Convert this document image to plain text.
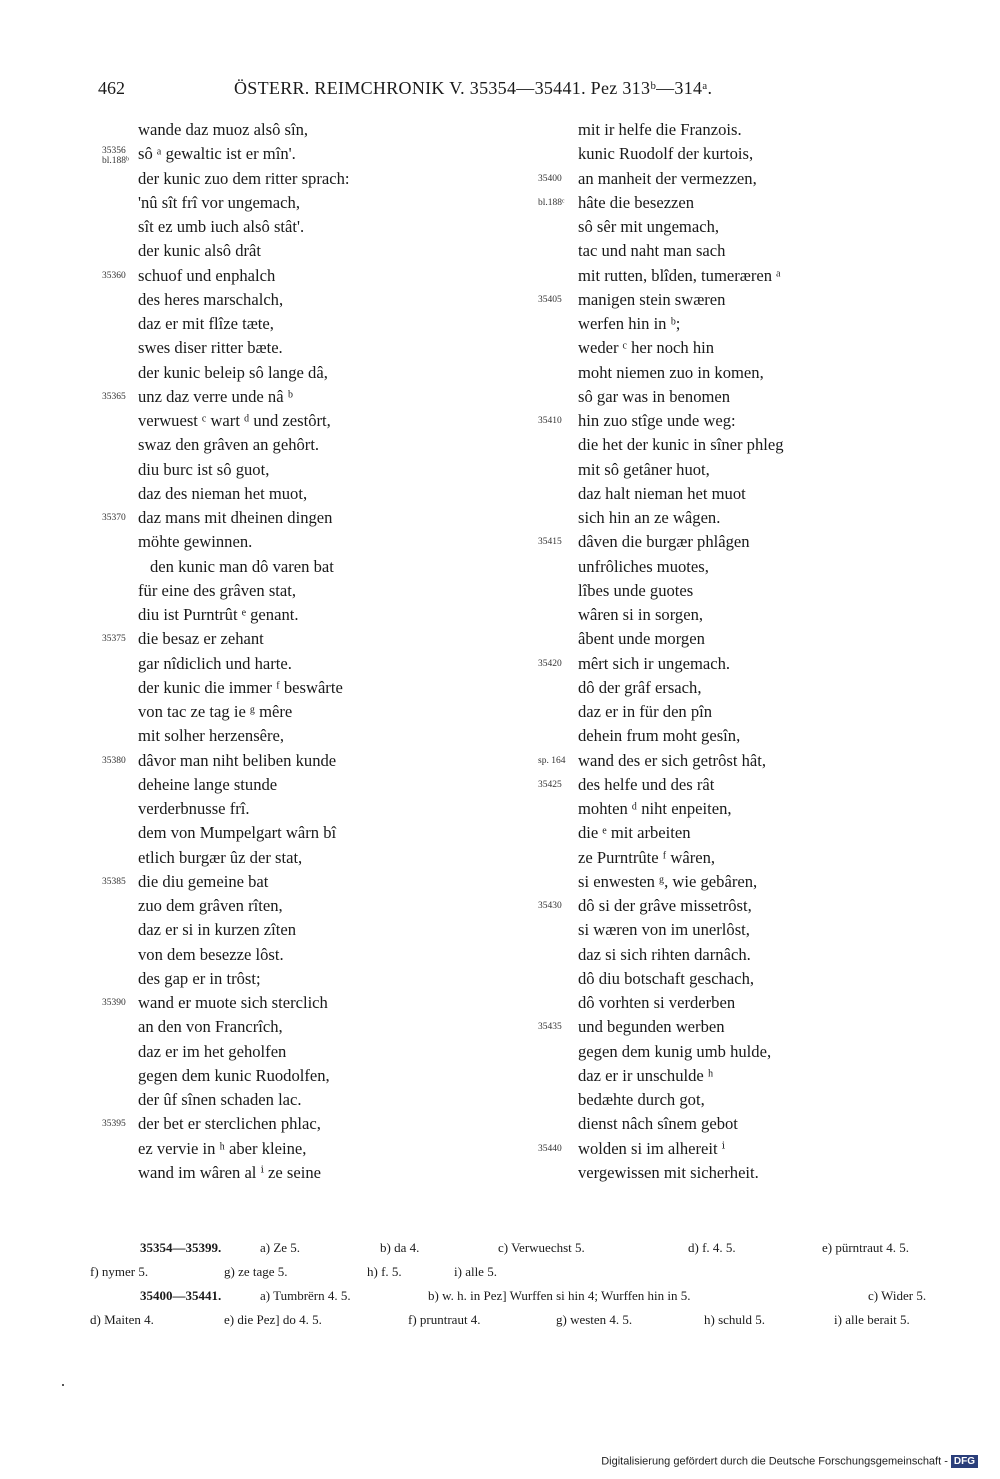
462	ÖSTERR. REIMCHRONIK V. 35354—35441. Pez 313ᵇ—314ᵃ.
wande daz muoz alsô sîn,
35356
bl.188ᵇ sô ᵃ gewaltic ist er mîn'.
der kunic zuo dem ritter sprach:
'nû sît frî vor ungemach,
sît ez umb iuch alsô stât'.
der kunic alsô drât
35360 schuof und enphalch
des heres marschalch,
daz er mit flîze tæte,
swes diser ritter bæte.
der kunic beleip sô lange dâ,
35365 unz daz verre unde nâ ᵇ
verwuest ᶜ wart ᵈ und zestôrt,
swaz den grâven an gehôrt.
diu burc ist sô guot,
daz des nieman het muot,
35370 daz mans mit dheinen dingen
möhte gewinnen.
den kunic man dô varen bat
für eine des grâven stat,
diu ist Purntrût ᵉ genant.
35375 die besaz er zehant
gar nîdiclich und harte.
der kunic die immer ᶠ beswârte
von tac ze tag ie ᵍ mêre
mit solher herzensêre,
35380 dâvor man niht beliben kunde
deheine lange stunde
verderbnusse frî.
dem von Mumpelgart wârn bî
etlich burgær ûz der stat,
35385 die diu gemeine bat
zuo dem grâven rîten,
daz er si in kurzen zîten
von dem besezze lôst.
des gap er in trôst;
35390 wand er muote sich sterclich
an den von Francrîch,
daz er im het geholfen
gegen dem kunic Ruodolfen,
der ûf sînen schaden lac.
35395 der bet er sterclichen phlac,
ez vervie in ʰ aber kleine,
wand im wâren al ⁱ ze seine
mit ir helfe die Franzois.
kunic Ruodolf der kurtois,
35400 an manheit der vermezzen,
bl.188ᶜ hâte die besezzen
sô sêr mit ungemach,
tac und naht man sach
mit rutten, blîden, tumeræren ᵃ
35405 manigen stein swæren
werfen hin in ᵇ;
weder ᶜ her noch hin
moht niemen zuo in komen,
sô gar was in benomen
35410 hin zuo stîge unde weg:
die het der kunic in sîner phleg
mit sô getâner huot,
daz halt nieman het muot
sich hin an ze wâgen.
35415 dâven die burgær phlâgen
unfrôliches muotes,
lîbes unde guotes
wâren si in sorgen,
âbent unde morgen
35420 mêrt sich ir ungemach.
dô der grâf ersach,
daz er in für den pîn
dehein frum moht gesîn,
sp. 164 wand des er sich getrôst hât,
35425 des helfe und des rât
mohten ᵈ niht enpeiten,
die ᵉ mit arbeiten
ze Purntrûte ᶠ wâren,
si enwesten ᵍ, wie gebâren,
35430 dô si der grâve missetrôst,
si wæren von im unerlôst,
daz si sich rihten darnâch.
dô diu botschaft geschach,
dô vorhten si verderben
35435 und begunden werben
gegen dem kunig umb hulde,
daz er ir unschulde ʰ
bedæhte durch got,
dienst nâch sînem gebot
35440 wolden si im alhereit ⁱ
vergewissen mit sicherheit.
35354—35399.	a) Ze 5.	b) da 4.	c) Verwuechst 5.	d) f. 4. 5.	e) pürntraut 4. 5.
f) nymer 5.	g) ze tage 5.	h) f. 5.	i) alle 5.
35400—35441.	a) Tumbrërn 4. 5.	b) w. h. in Pez] Wurffen si hin 4; Wurffen hin in 5.	c) Wider 5.
d) Maiten 4.	e) die Pez] do 4. 5.	f) pruntraut 4.	g) westen 4. 5.	h) schuld 5.	i) alle berait 5.
Digitalisierung gefördert durch die Deutsche Forschungsgemeinschaft - DFG
